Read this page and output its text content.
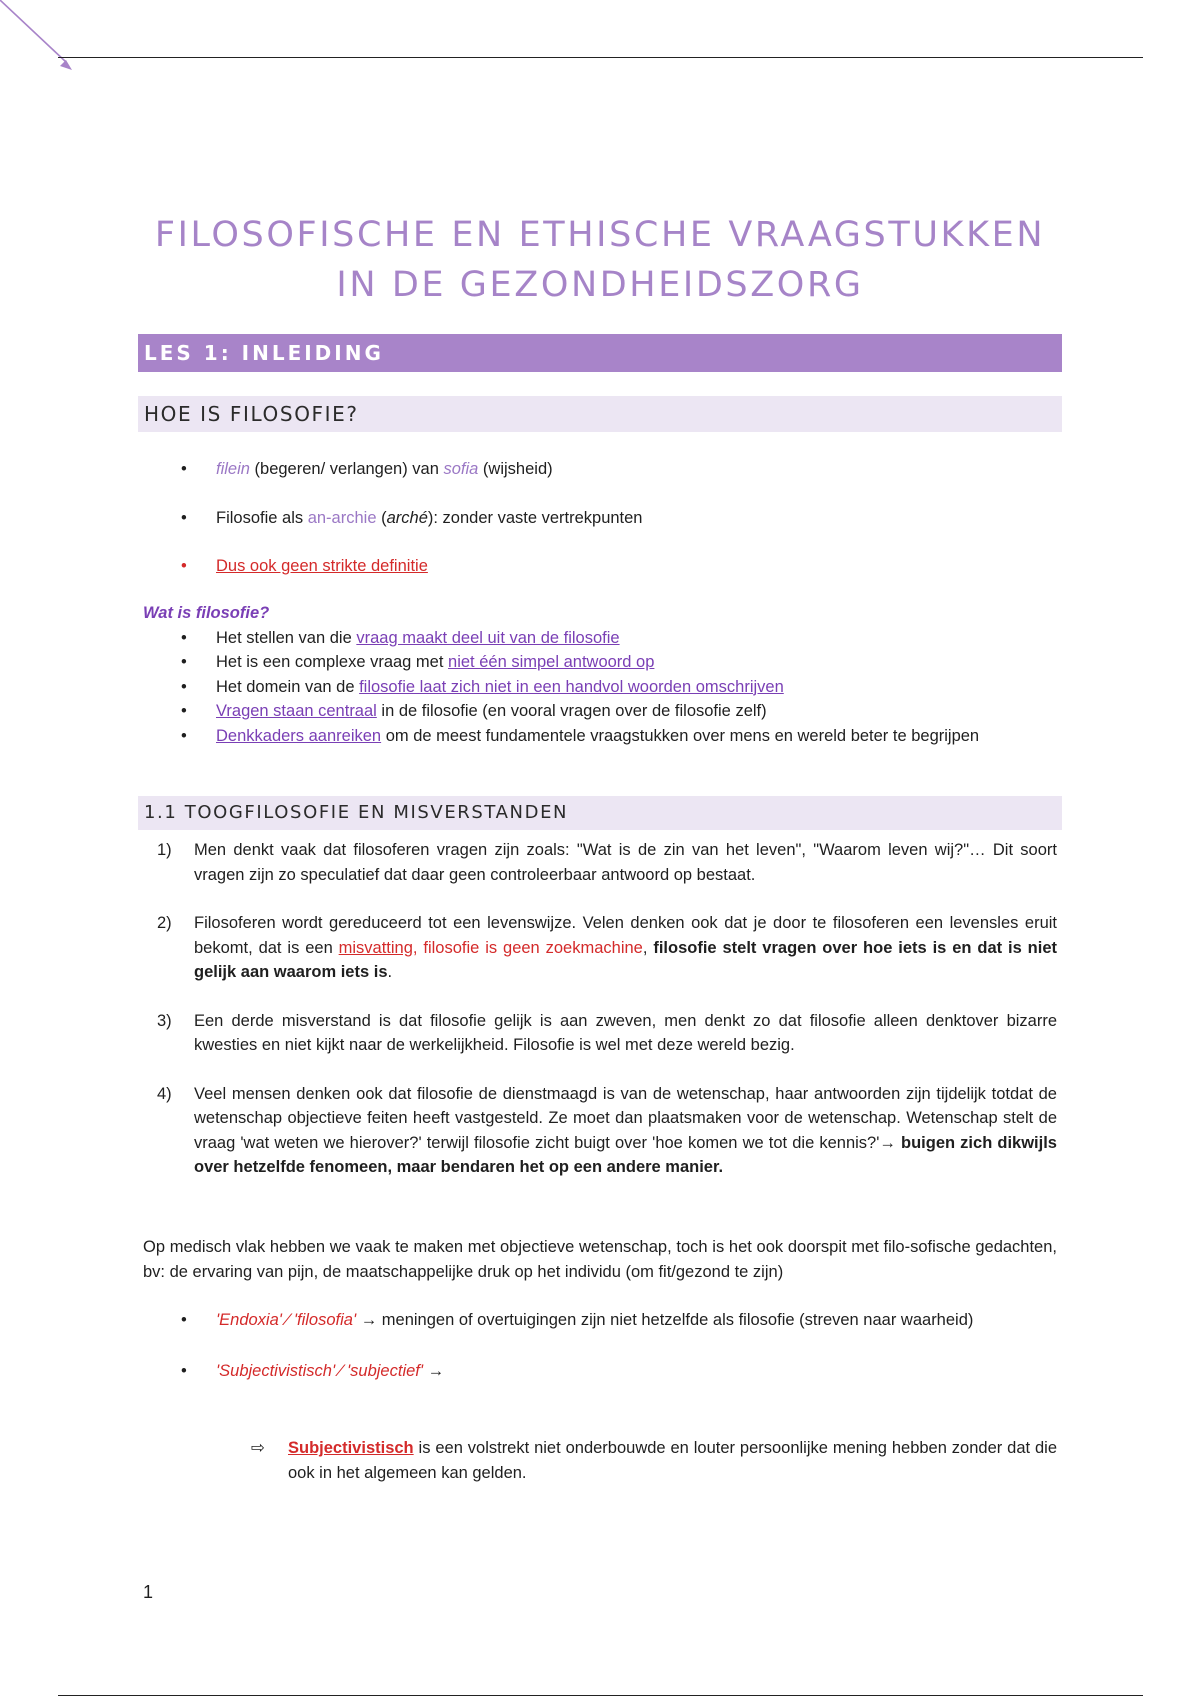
FILOSOFISCHE EN ETHISCHE VRAAGSTUKKEN IN DE GEZONDHEIDSZORG
LES 1: INLEIDING
HOE IS FILOSOFIE?
• filein (begeren/ verlangen) van sofia (wijsheid)
• Filosofie als an-archie (arché): zonder vaste vertrekpunten
• Dus ook geen strikte definitie
Wat is filosofie?
• Het stellen van die vraag maakt deel uit van de filosofie
• Het is een complexe vraag met niet één simpel antwoord op
• Het domein van de filosofie laat zich niet in een handvol woorden omschrijven
• Vragen staan centraal in de filosofie (en vooral vragen over de filosofie zelf)
• Denkkaders aanreiken om de meest fundamentele vraagstukken over mens en wereld beter te begrijpen
1.1 TOOGFILOSOFIE EN MISVERSTANDEN
1) Men denkt vaak dat filosoferen vragen zijn zoals: "Wat is de zin van het leven", "Waarom leven wij?"… Dit soort vragen zijn zo speculatief dat daar geen controleerbaar antwoord op bestaat.
2) Filosoferen wordt gereduceerd tot een levenswijze. Velen denken ook dat je door te filosoferen een levensles eruit bekomt, dat is een misvatting, filosofie is geen zoekmachine, filosofie stelt vragen over hoe iets is en dat is niet gelijk aan waarom iets is.
3) Een derde misverstand is dat filosofie gelijk is aan zweven, men denkt zo dat filosofie alleen denktover bizarre kwesties en niet kijkt naar de werkelijkheid. Filosofie is wel met deze wereld bezig.
4) Veel mensen denken ook dat filosofie de dienstmaagd is van de wetenschap, haar antwoorden zijn tijdelijk totdat de wetenschap objectieve feiten heeft vastgesteld. Ze moet dan plaatsmaken voor de wetenschap. Wetenschap stelt de vraag 'wat weten we hierover?' terwijl filosofie zicht buigt over 'hoe komen we tot die kennis?'→ buigen zich dikwijls over hetzelfde fenomeen, maar bendaren het op een andere manier.
Op medisch vlak hebben we vaak te maken met objectieve wetenschap, toch is het ook doorspit met filo-sofische gedachten, bv: de ervaring van pijn, de maatschappelijke druk op het individu (om fit/gezond te zijn)
• 'Endoxia' ⁄ 'filosofia' → meningen of overtuigingen zijn niet hetzelfde als filosofie (streven naar waarheid)
• 'Subjectivistisch' ⁄ 'subjectief' →
⇨ Subjectivistisch is een volstrekt niet onderbouwde en louter persoonlijke mening hebben zonder dat die ook in het algemeen kan gelden.
1
